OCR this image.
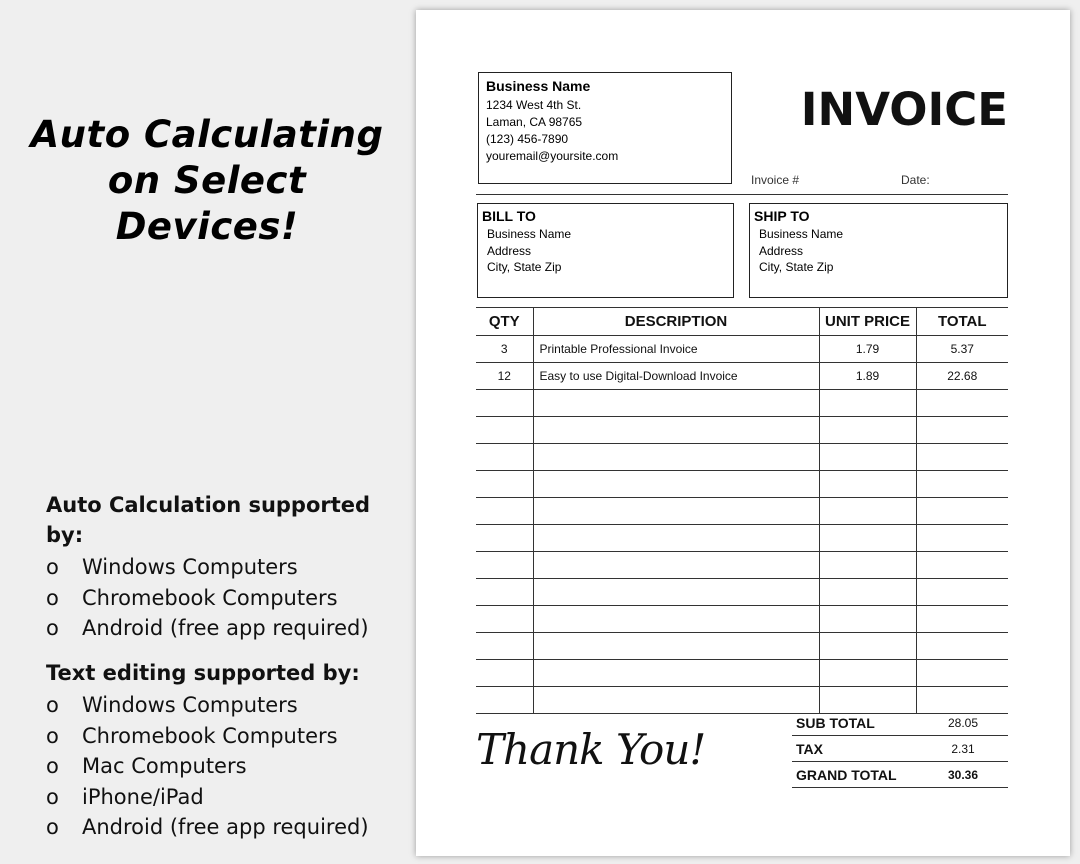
Auto Calculating
on Select Devices!
Auto Calculation supported by:
o Windows Computers
o Chromebook Computers
o Android (free app required)
Text editing supported by:
o Windows Computers
o Chromebook Computers
o Mac Computers
o iPhone/iPad
o Android (free app required)
Business Name
1234 West 4th St.
Laman, CA 98765
(123) 456-7890
youremail@yoursite.com
INVOICE
Invoice #	Date:
BILL TO
Business Name
Address
City, State Zip
SHIP TO
Business Name
Address
City, State Zip
QTY	DESCRIPTION	UNIT PRICE	TOTAL
3	Printable Professional Invoice	1.79	5.37
12	Easy to use Digital-Download Invoice	1.89	22.68

Thank You!
SUB TOTAL	28.05
TAX	2.31
GRAND TOTAL	30.36
